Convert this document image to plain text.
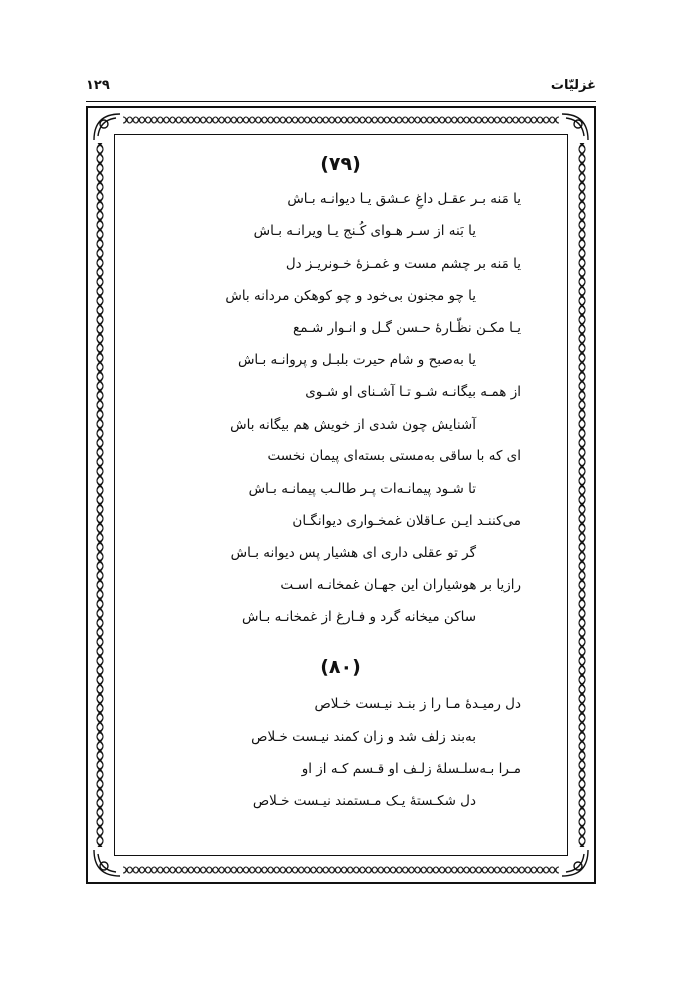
۱۲۹	غزلیّات
(۷۹)
یا مَنه بـر عقـل داغِ عـشق یـا دیوانـه بـاش
یا بَنه از سـر هـوای کُـنج یـا ویرانـه بـاش
یا مَنه بر چشم مست و غمـزۀ خـونریـز دل
یا چو مجنون بی‌خود و چو کوهکن مردانه باش
یـا مکـن نظّـارۀ حـسن گـل و انـوار شـمع
یا به‌صبح و شام حیرت بلبـل و پروانـه بـاش
از همـه بیگانـه شـو تـا آشـنای او شـوی
آشنایش چون شدی از خویش هم بیگانه باش
ای که با ساقی به‌مستی بسته‌ای پیمان نخست
تا شـود پیمانـه‌ات پـر طالـب پیمانـه بـاش
می‌کننـد ایـن عـاقلان غمخـواری دیوانگـان
گر تو عقلی داری ای هشیار پس دیوانه بـاش
رازیا بر هوشیاران این جهـان غمخانـه اسـت
ساکن میخانه گرد و فـارغ از غمخانـه بـاش
(۸۰)
دل رمیـدۀ مـا را ز بنـد نیـست خـلاص
به‌بند زلف شد و زان کمند نیـست خـلاص
مـرا بـه‌سلـسلۀ زلـف او قـسم کـه از او
دل شکـستۀ یـک مـستمند نیـست خـلاص
